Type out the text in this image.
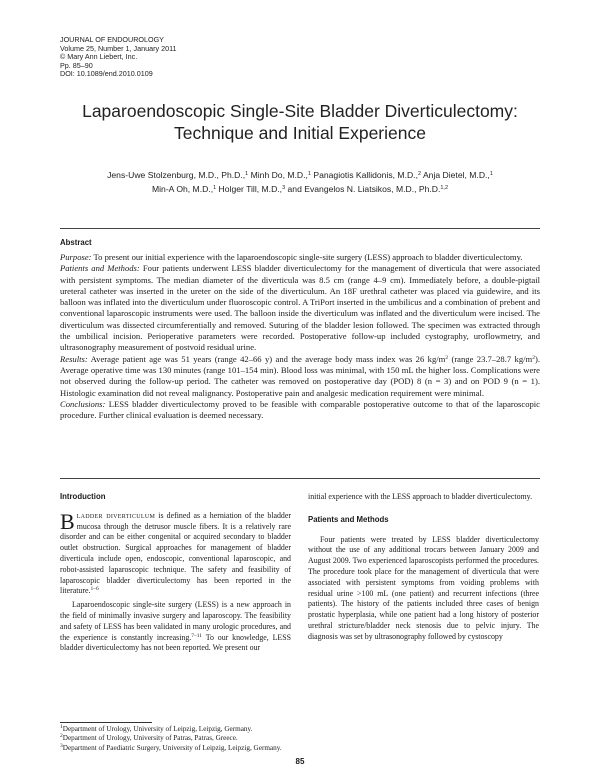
JOURNAL OF ENDOUROLOGY
Volume 25, Number 1, January 2011
© Mary Ann Liebert, Inc.
Pp. 85–90
DOI: 10.1089/end.2010.0109
Laparoendoscopic Single-Site Bladder Diverticulectomy:
Technique and Initial Experience
Jens-Uwe Stolzenburg, M.D., Ph.D.,$^1$ Minh Do, M.D.,$^1$ Panagiotis Kallidonis, M.D.,$^2$ Anja Dietel, M.D.,$^1$
Min-A Oh, M.D.,$^1$ Holger Till, M.D.,$^3$ and Evangelos N. Liatsikos, M.D., Ph.D.$^{1,2}$
Abstract

Purpose: To present our initial experience with the laparoendoscopic single-site surgery (LESS) approach to bladder diverticulectomy.

Patients and Methods: Four patients underwent LESS bladder diverticulectomy for the management of diverticula that were associated with persistent symptoms. The median diameter of the diverticula was 8.5 cm (range 4–9 cm). Immediately before, a double-pigtail ureteral catheter was inserted in the ureter on the side of the diverticulum. An 18F urethral catheter was placed via guidewire, and its balloon was inflated into the diverticulum under fluoroscopic control. A TriPort inserted in the umbilicus and a combination of prebent and conventional laparoscopic instruments were used. The balloon inside the diverticulum was inflated and the diverticulum were incised. The diverticulum was dissected circumferentially and removed. Suturing of the bladder lesion followed. The specimen was extracted through the umbilical incision. Perioperative parameters were recorded. Postoperative follow-up included cystography, uroflowmetry, and ultrasonography measurement of postvoid residual urine.

Results: Average patient age was 51 years (range 42–66 y) and the average body mass index was 26 $kg/m^2$ (range 23.7–28.7 $kg/m^2$). Average operative time was 130 minutes (range 101–154 min). Blood loss was minimal, with 150 mL the higher loss. Complications were not observed during the follow-up period. The catheter was removed on postoperative day (POD) 8 (n = 3) and on POD 9 (n = 1). Histologic examination did not reveal malignancy. Postoperative pain and analgesic medication requirement were minimal.

Conclusions: LESS bladder diverticulectomy proved to be feasible with comparable postoperative outcome to that of the laparoscopic procedure. Further clinical evaluation is deemed necessary.

Introduction

Bladder diverticulum is defined as a herniation of the bladder mucosa through the detrusor muscle fibers. It is a relatively rare disorder and can be either congenital or acquired secondary to bladder outlet obstruction. Surgical approaches for management of bladder diverticula include open, endoscopic, conventional laparoscopic, and robot-assisted laparoscopic technique. The safety and feasibility of laparoscopic bladder diverticulectomy has been reported in the literature.$^{1-6}$

Laparoendoscopic single-site surgery (LESS) is a new approach in the field of minimally invasive surgery and laparoscopy. The feasibility and safety of LESS has been validated in many urologic procedures, and the experience is constantly increasing.$^{7-11}$ To our knowledge, LESS bladder diverticulectomy has not been reported. We present our

initial experience with the LESS approach to bladder diverticulectomy.

Patients and Methods

Four patients were treated by LESS bladder diverticulectomy without the use of any additional trocars between January 2009 and August 2009. Two experienced laparoscopists performed the procedures. The procedure took place for the management of diverticula that were associated with persistent symptoms from voiding problems with residual urine >100 mL (one patient) and recurrent infections (three patients). The history of the patients included three cases of benign prostatic hyperplasia, while one patient had a long history of posterior urethral stricture/bladder neck stenosis due to pelvic injury. The diagnosis was set by ultrasonography followed by cystoscopy

$^1$Department of Urology, University of Leipzig, Leipzig, Germany.
$^2$Department of Urology, University of Patras, Patras, Greece.
$^3$Department of Paediatric Surgery, University of Leipzig, Leipzig, Germany.
85
